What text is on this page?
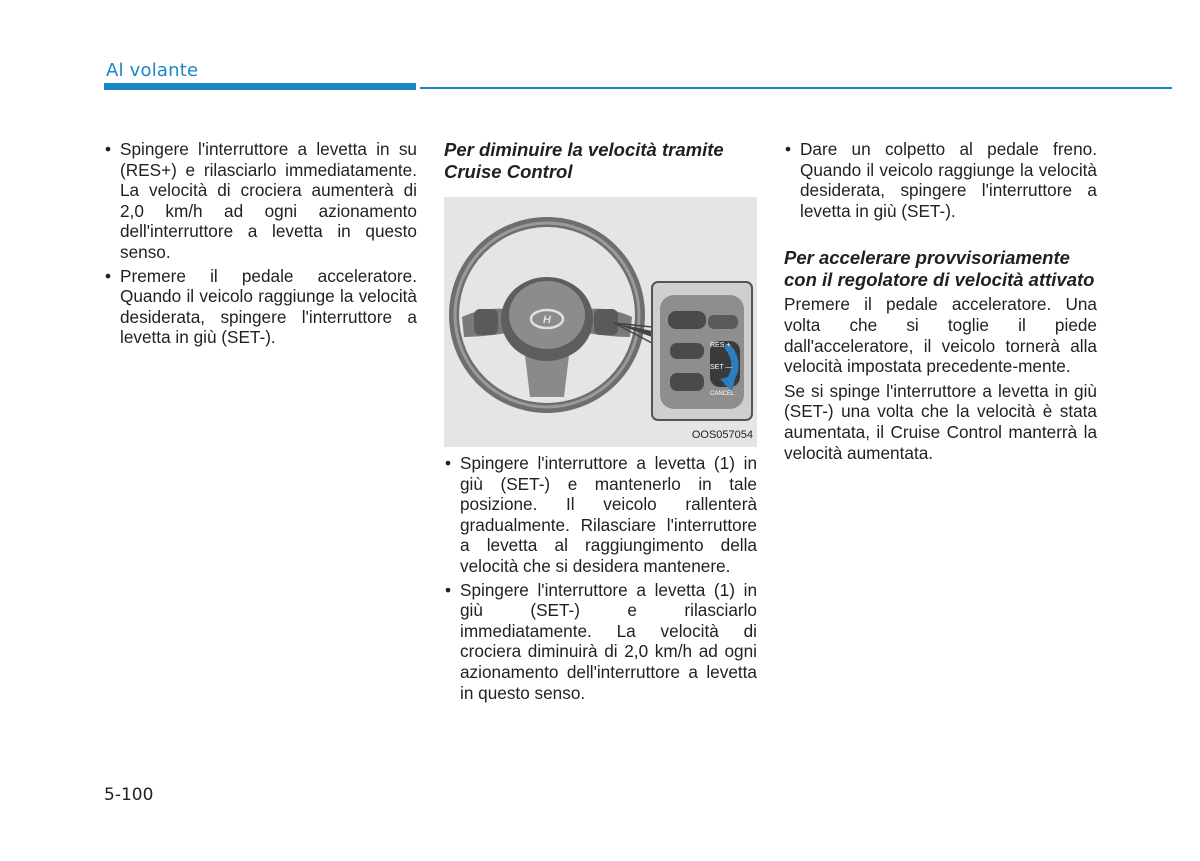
Al volante
• Spingere l'interruttore a levetta in su (RES+) e rilasciarlo immediatamente. La velocità di crociera aumenterà di 2,0 km/h ad ogni azionamento dell'interruttore a levetta in questo senso.
• Premere il pedale acceleratore. Quando il veicolo raggiunge la velocità desiderata, spingere l'interruttore a levetta in giù (SET-).

Per diminuire la velocità tramite Cruise Control

H
RES +
SET —
CANCEL
OOS057054
• Spingere l'interruttore a levetta (1) in giù (SET-) e mantenerlo in tale posizione. Il veicolo rallenterà gradualmente. Rilasciare l'interruttore a levetta al raggiungimento della velocità che si desidera mantenere.
• Spingere l'interruttore a levetta (1) in giù (SET-) e rilasciarlo immediatamente. La velocità di crociera diminuirà di 2,0 km/h ad ogni azionamento dell'interruttore a levetta in questo senso.
• Dare un colpetto al pedale freno. Quando il veicolo raggiunge la velocità desiderata, spingere l'interruttore a levetta in giù (SET-).

Per accelerare provvisoriamente con il regolatore di velocità attivato

Premere il pedale acceleratore. Una volta che si toglie il piede dall'acceleratore, il veicolo tornerà alla velocità impostata precedente-mente.

Se si spinge l'interruttore a levetta in giù (SET-) una volta che la velocità è stata aumentata, il Cruise Control manterrà la velocità aumentata.

5-100
